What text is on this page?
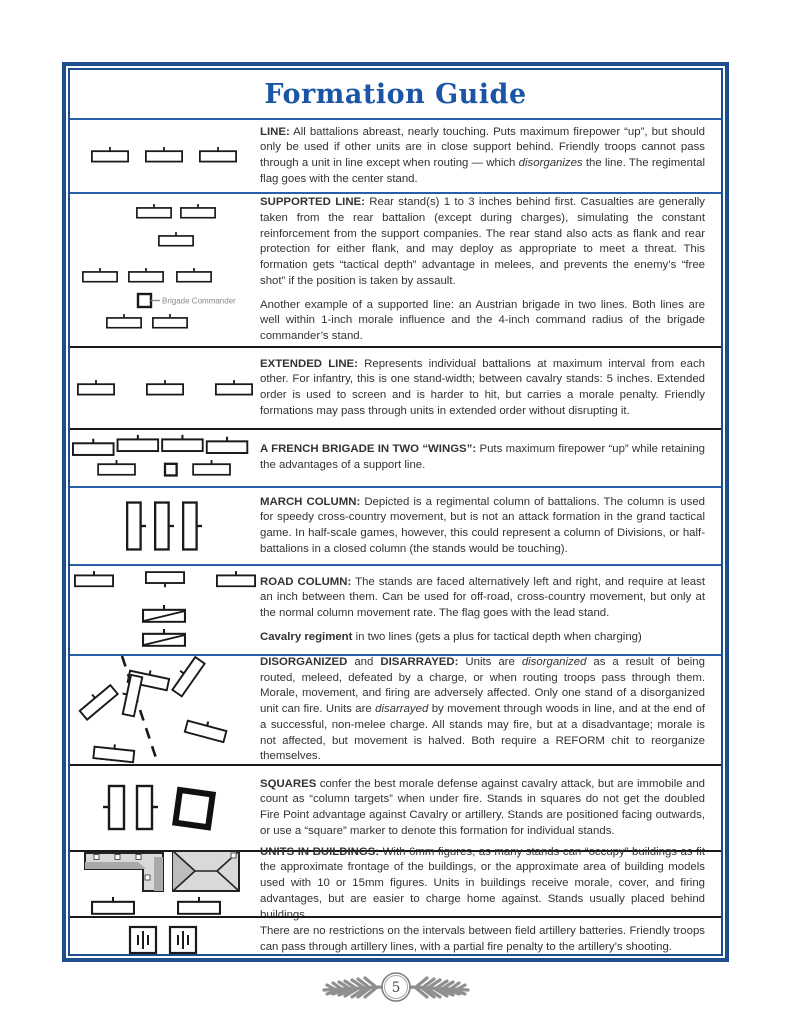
Formation Guide

LINE: All battalions abreast, nearly touching. Puts maximum firepower “up”, but should only be used if other units are in close support behind. Friendly troops cannot pass through a unit in line except when routing — which disorganizes the line. The regimental flag goes with the center stand.

Brigade Commander

SUPPORTED LINE: Rear stand(s) 1 to 3 inches behind first. Casualties are generally taken from the rear battalion (except during charges), simulating the constant reinforcement from the support companies. The rear stand also acts as flank and rear protection for either flank, and may deploy as appropriate to meet a threat. This formation gets “tactical depth” advantage in melees, and prevents the enemy’s “free shot” if the position is taken by assault.

Another example of a supported line: an Austrian brigade in two lines. Both lines are well within 1-inch morale influence and the 4-inch command radius of the brigade commander’s stand.

EXTENDED LINE: Represents individual battalions at maximum interval from each other. For infantry, this is one stand-width; between cavalry stands: 5 inches. Extended order is used to screen and is harder to hit, but carries a morale penalty. Friendly formations may pass through units in extended order without disrupting it.

A FRENCH BRIGADE IN TWO “WINGS”: Puts maximum firepower “up” while retaining the advantages of a support line.

MARCH COLUMN: Depicted is a regimental column of battalions. The column is used for speedy cross-country movement, but is not an attack formation in the grand tactical game. In half-scale games, however, this could represent a column of Divisions, or half-battalions in a closed column (the stands would be touching).

ROAD COLUMN: The stands are faced alternatively left and right, and require at least an inch between them. Can be used for off-road, cross-country movement, but only at the normal column movement rate. The flag goes with the lead stand.

Cavalry regiment in two lines (gets a plus for tactical depth when charging)

DISORGANIZED and DISARRAYED: Units are disorganized as a result of being routed, meleed, defeated by a charge, or when routing troops pass through them. Morale, movement, and firing are adversely affected. Only one stand of a disorganized unit can fire. Units are disarrayed by movement through woods in line, and at the end of a successful, non-melee charge. All stands may fire, but at a disadvantage; morale is not affected, but movement is halved. Both require a REFORM chit to reorganize themselves.

SQUARES confer the best morale defense against cavalry attack, but are immobile and count as “column targets” when under fire. Stands in squares do not get the doubled Fire Point advantage against Cavalry or artillery. Stands are positioned facing outwards, or use a “square” marker to denote this formation for individual stands.

UNITS IN BUILDINGS: With 6mm figures, as many stands can “occupy” buildings as fit the approximate frontage of the buildings, or the approximate area of building models used with 10 or 15mm figures. Units in buildings receive morale, cover, and firing advantages, but are easier to charge home against. Stands usually placed behind buildings.

There are no restrictions on the intervals between field artillery batteries. Friendly troops can pass through artillery lines, with a partial fire penalty to the artillery’s shooting.

5
